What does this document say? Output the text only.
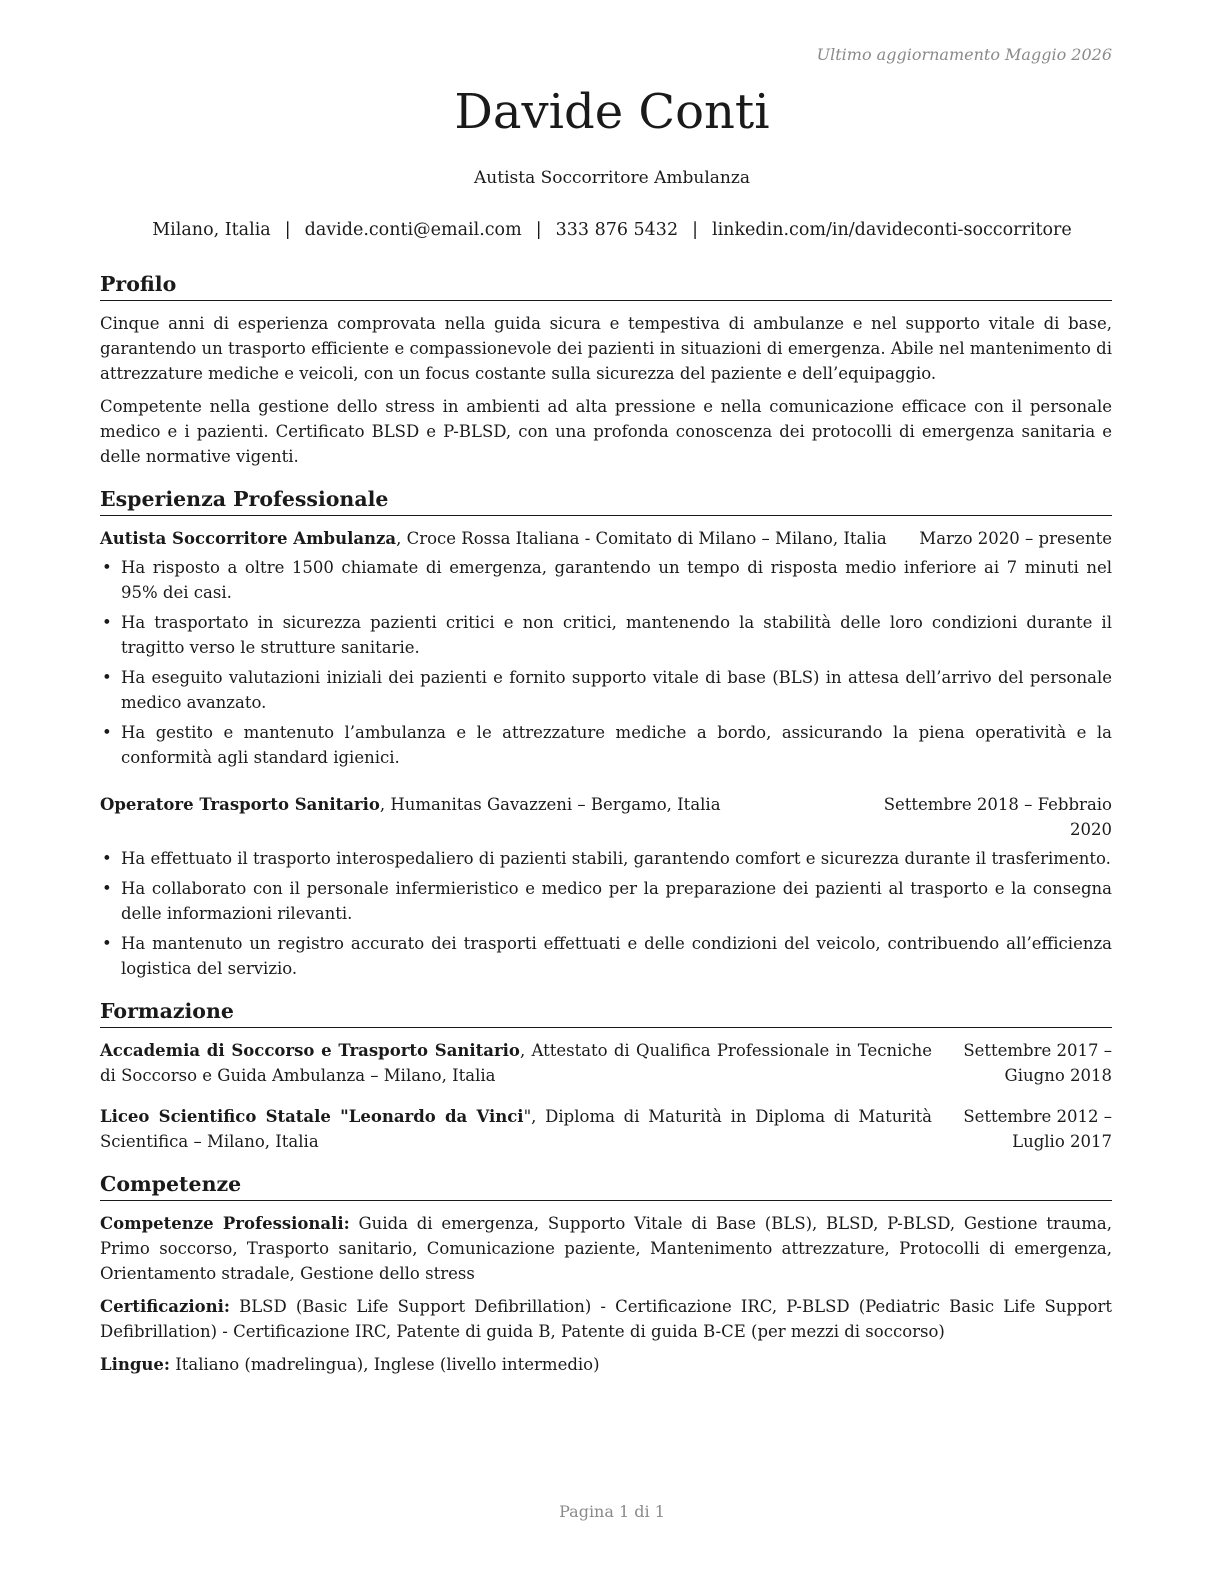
Ultimo aggiornamento Maggio 2026
Davide Conti
Autista Soccorritore Ambulanza
Milano, Italia | davide.conti@email.com | 333 876 5432 | linkedin.com/in/davideconti-soccorritore
Profilo

Cinque anni di esperienza comprovata nella guida sicura e tempestiva di ambulanze e nel supporto vitale di base, garantendo un trasporto efficiente e compassionevole dei pazienti in situazioni di emergenza. Abile nel mantenimento di attrezzature mediche e veicoli, con un focus costante sulla sicurezza del paziente e dell’equipaggio.

Competente nella gestione dello stress in ambienti ad alta pressione e nella comunicazione efficace con il personale medico e i pazienti. Certificato BLSD e P-BLSD, con una profonda conoscenza dei protocolli di emergenza sanitaria e delle normative vigenti.

Esperienza Professionale
Autista Soccorritore Ambulanza, Croce Rossa Italiana - Comitato di Milano – Milano, Italia	Marzo 2020 – presente
• Ha risposto a oltre 1500 chiamate di emergenza, garantendo un tempo di risposta medio inferiore ai 7 minuti nel 95% dei casi.
• Ha trasportato in sicurezza pazienti critici e non critici, mantenendo la stabilità delle loro condizioni durante il tragitto verso le strutture sanitarie.
• Ha eseguito valutazioni iniziali dei pazienti e fornito supporto vitale di base (BLS) in attesa dell’arrivo del personale medico avanzato.
• Ha gestito e mantenuto l’ambulanza e le attrezzature mediche a bordo, assicurando la piena operatività e la conformità agli standard igienici.
Operatore Trasporto Sanitario, Humanitas Gavazzeni – Bergamo, Italia	Settembre 2018 – Febbraio 2020
• Ha effettuato il trasporto interospedaliero di pazienti stabili, garantendo comfort e sicurezza durante il trasferimento.
• Ha collaborato con il personale infermieristico e medico per la preparazione dei pazienti al trasporto e la consegna delle informazioni rilevanti.
• Ha mantenuto un registro accurato dei trasporti effettuati e delle condizioni del veicolo, contribuendo all’efficienza logistica del servizio.
Formazione
Accademia di Soccorso e Trasporto Sanitario, Attestato di Qualifica Professionale in Tecniche di Soccorso e Guida Ambulanza – Milano, Italia
Settembre 2017 – Giugno 2018
Liceo Scientifico Statale "Leonardo da Vinci", Diploma di Maturità in Diploma di Maturità Scientifica – Milano, Italia
Settembre 2012 – Luglio 2017
Competenze
Competenze Professionali: Guida di emergenza, Supporto Vitale di Base (BLS), BLSD, P-BLSD, Gestione trauma, Primo soccorso, Trasporto sanitario, Comunicazione paziente, Mantenimento attrezzature, Protocolli di emergenza, Orientamento stradale, Gestione dello stress
Certificazioni: BLSD (Basic Life Support Defibrillation) - Certificazione IRC, P-BLSD (Pediatric Basic Life Support Defibrillation) - Certificazione IRC, Patente di guida B, Patente di guida B-CE (per mezzi di soccorso)
Lingue: Italiano (madrelingua), Inglese (livello intermedio)
Pagina 1 di 1
